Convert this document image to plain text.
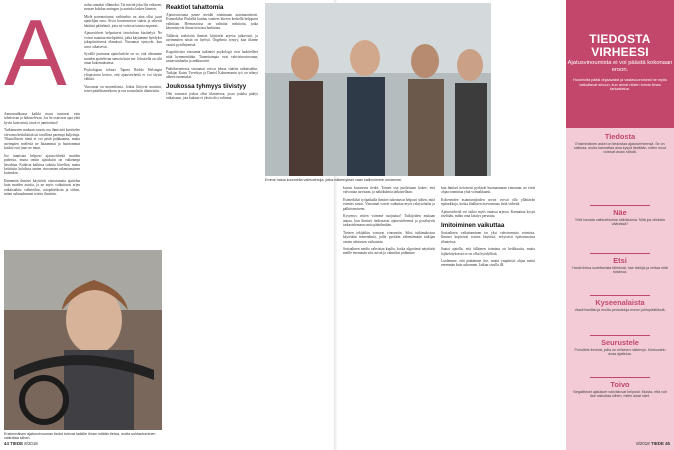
A

Aamuruuhkassa kaikki muut tuntuvat vain toheloivan ja hidastelevan. Jos he osaisivat ajaa yhtä hyvin kuin minä, tässä ei jumitettaisi!

Tutkimusten mukaan suurin osa ihmisistä kuvittelee olevansa keskikäistä tai tavallista parempi kuljettaja. Tilastollisesti tämä ei voi pitää paikkaansa, mutta useimpien mielestä ne hitaammat ja huonommat kuskit ovat juuri ne muut.

Joe tunnistaa helposti ajatusvirheitä muiden puheista, mutta omiin ajatuksiin on vaikeampi havahtua. Kaikista kaikista sokeita kävellen, mutta kriittisiin kohdissa omien vinoumien rakentamiseen kuitenkin.

Enemmän ihmiset käyttävät vinoutunutta ajattelua kuin muiden asioita, ja ne myös vaikuttavat arjen ratkaisuihin: valintoihin, ostopäätöksiin ja siihen, miten suhtaudumme toisiin ihmisiin.

rodut samaksi ellämeksi. Tai miettä joka illa erikseen, nousee kohdan auringon ja aurinko laskee länteen.

Mielä potentoitunut vaihtoehto on aina ollut juuri ajattelijan oma. Aivot havainnoivat väärin ja tekevät hätäisiä päätelmiä, jotta ne voisivat toimia nopeasti.

Ajatusvirheet helpottavat tietotulvan käsittelyä. Ne voivat muuttaa mielipiteitä, jotka käytämme hyödyksi jokapäiväisessä elämässä. Vinoumat syntyvät, kun aivot oikaisevat.

Syvällä juurtunut ajatteluvirhe on se, että oletamme muiden ajattelevan samoin kuin me. Jokaisella on silti omat kokemuksensa.

Psykologian tohtori Tapani Riekki Helsingin yliopistosta kertoo, että ajatusvirheitä ei voi täysin välttää.

Vinoumia on monenlaisia. Jotkut liittyvät muistiin, toiset päätöksentekoon ja osa sosiaalisiin tilanteisiin.

Ensimmäisen ajatusvinouman tiedot tulevat kaikille ilman mitään tietoa, mutta suhtautuminen vaikuttaa siihen.
Reaktiot tahattomia

Ajatusvinouma panee meidät toimimaan automaattisesti. Esimerkiksi Pinkellä kuuluu vaatteet kiireen keskellä helppoon valintaan. Hermostossa on valmiita reaktioita, jotka käynnistyvät ilman tietoista harkintaa.

Tällaisia reaktioita ihmiset käyttävät arjessa jatkuvasti, ja useimmiten niistä on hyötyä. Ongelmia syntyy, kun tilanne vaatisi pysähtymistä.

Kognitiivisia vinoumia tutkineet psykologit ovat luokitelleet niitä kymmenittäin. Tunnetuimpia ovat vahvistusvinouma, saatavuusharha ja ankkurointi.

Päätöksenteossa vinoumat voivat johtaa vääriin ratkaisuihin. Tutkijat Kaisu Tverskyn ja Daniel Kahnemanin työ on tehnyt aiheen tunnetuksi.

Joukossa tyhmyys tiivistyy

Olet varmasti joskus ollut tilanteessa, jossa joukko päätyi ratkaisuun, jota kukaan ei yksin olisi valinnut.

44 TIEDE 8/2018
Emme halua kuunnella vaihtoehtoja, jotka näkemykset vaan kalibroimme omiamme.

kuvan kuvatessa tiedot. Toinen osa puolestaan kokee, että valvontaa tarvitaan, ja näkökulmia tarkastellaan.

Esimerkiksi työpaikalla ihmiset tukeutuvat helposti siihen, mitä esimies sanoo. Vinoumat voivat vaikuttaa myös rekrytointiin ja palkitsemiseen.

Kysymys: miten voimme suojautua? Tutkijoiden mukaan auttaa, kun ihmiset tiedostavat ajatusvirheensä ja pysähtyvät tarkastelemaan omia päätelmiään.

Tieteen tekijätkin sortuvat vinoumiin. Siksi tutkimuksissa käytetään menetelmiä, joilla pyritään vähentämään tutkijan omien odotusten vaikutusta.

Sosiaalinen media vahvistaa kuplia, koska algoritmit näyttävät meille enemmän sitä, mistä jo valmiiksi pidämme.

kun ihmiset tietoisesti pyrkivät huomaamaan vinoumat, ne eivät ohjaa toimintaa yhtä voimakkaasti.

Kokeneiden asiantuntijoiden arviot voivat olla yllättävän epätarkkoja, koska liiallinen itsevarmuus lisää virheitä.

Ajatusvirheitä voi tutkia myös omassa arjessa. Kannattaa kysyä itseltään, mihin oma käsitys perustuu.

Imitoiminen vaikuttaa

Sosiaalinen vaikuttaminen on yksi vahvimmista voimista. Ihmiset kopioivat toisten käytöstä, erityisesti epävarmoissa tilanteissa.

Saatat ajatella, että tällainen toiminta on heikkoutta, mutta lajikehityksessä se on ollut hyödyllistä.

Luulemme, että päätämme itse, mutta ympäristö ohjaa meitä enemmän kuin uskomme. Jatkuu sivulla 48.

TIEDOSTA VIRHEESI
Ajatusvinoumista ei voi päästä kokonaan eroon.
Huomioita pääsi ohjaavaksi ja vastavuoroisesti ne myös vaikuttavat sinuun, kun annat niiden toimia ilman tarkastelua.
Tiedosta
Ensimmäinen askel on tiedostaa ajatusvirheensä. Se on vaikeaa, mutta kannattaa aina kysyä itseltään, miten muut voisivat asian nähdä.
Näe
Yritä havaita vaihtoehtoisia näkökulmia. Mitä jos olisinkin väärässä?
Etsi
Hanki tietoa luotettavista lähteistä, hae faktoja ja vertaa niitä toisiinsa.
Kyseenalaista
Vaadi itseltäsi ja muilta perusteluja ennen johtopäätöksiä.
Seurustele
Puhuttele ihmisiä, joilla on erilainen näkemys. Keskustelu avaa ajattelua.
Toivo
Negatiiviset ajatukset vahvistuvat helposti. Muista, että voit itse vaikuttaa siihen, miten asiat näet.
8/2018 TIEDE 45
